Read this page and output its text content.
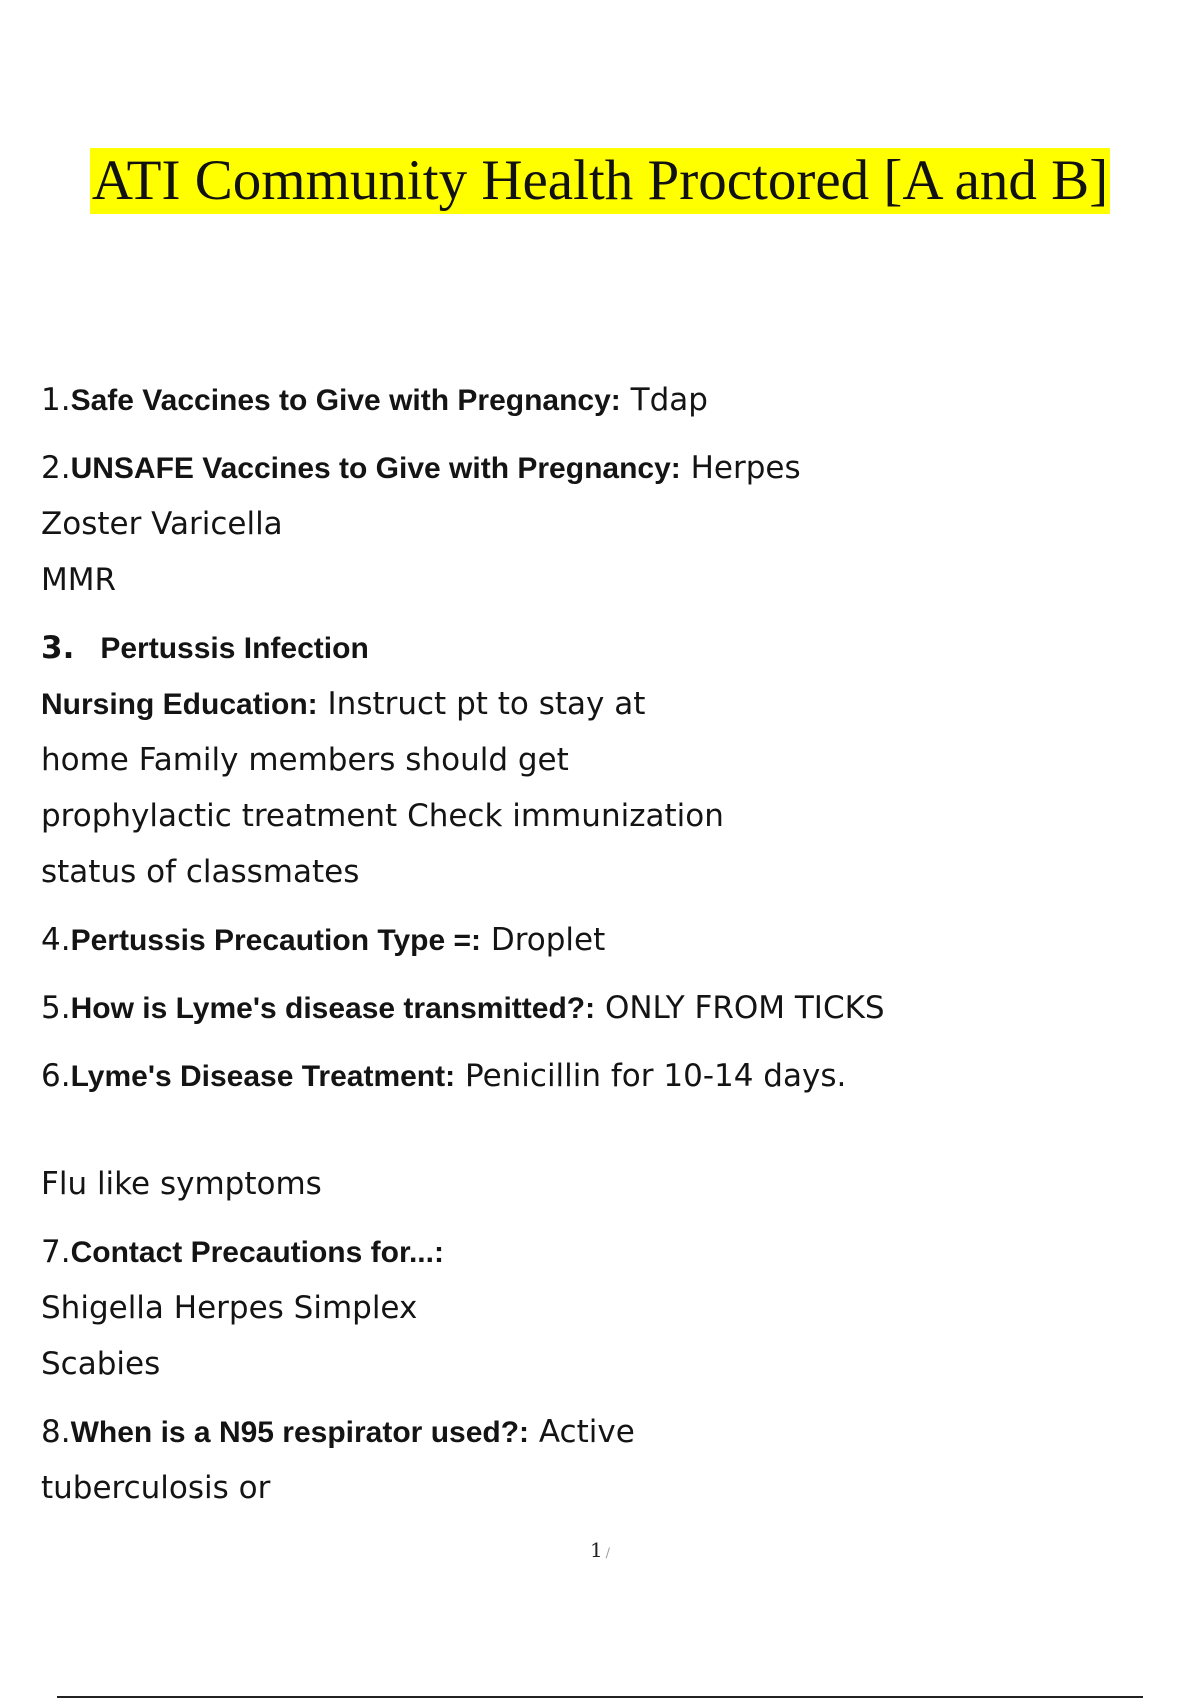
ATI Community Health Proctored [A and B]
1.Safe Vaccines to Give with Pregnancy: Tdap
2.UNSAFE Vaccines to Give with Pregnancy: Herpes
Zoster Varicella
MMR
3. Pertussis Infection
Nursing Education: Instruct pt to stay at
home Family members should get
prophylactic treatment Check immunization
status of classmates
4.Pertussis Precaution Type =: Droplet
5.How is Lyme's disease transmitted?: ONLY FROM TICKS
6.Lyme's Disease Treatment: Penicillin for 10-14 days.
Flu like symptoms
7.Contact Precautions for...:
Shigella Herpes Simplex
Scabies
8.When is a N95 respirator used?: Active
tuberculosis or
1 /
